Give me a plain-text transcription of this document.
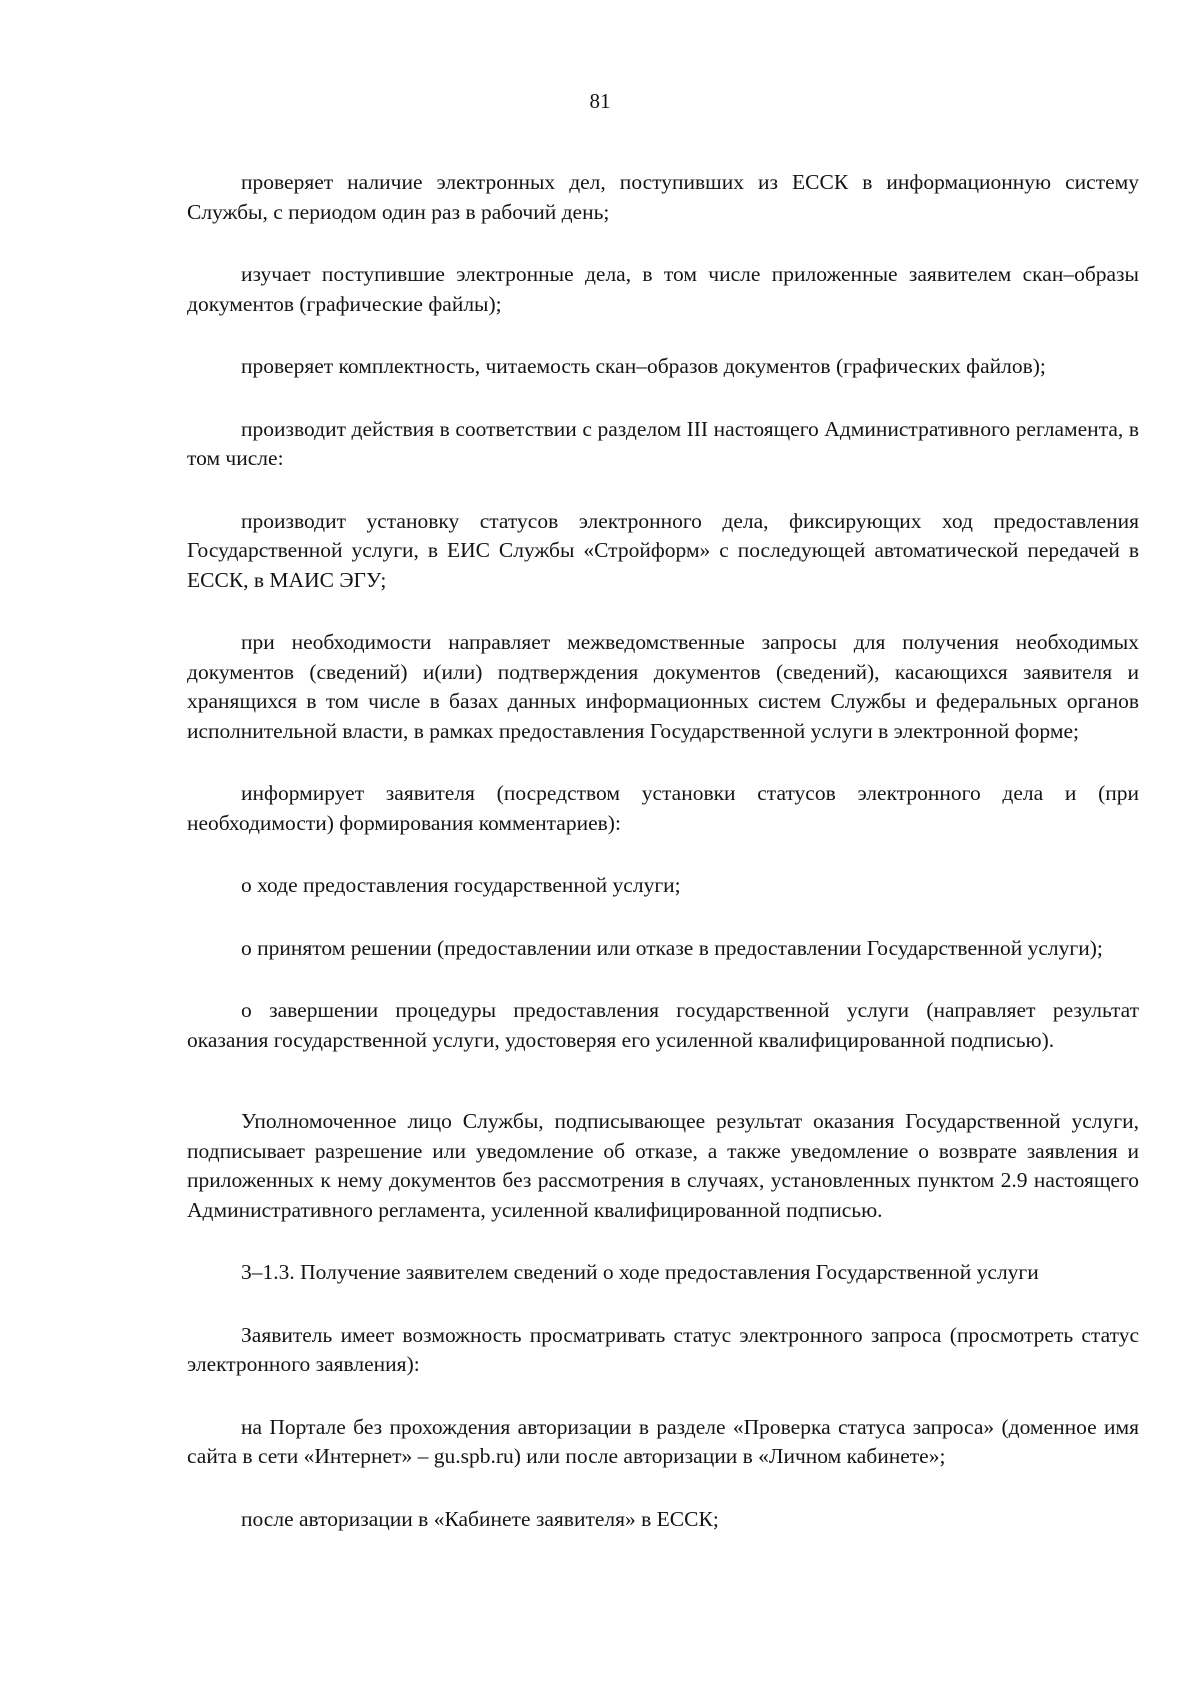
81

проверяет наличие электронных дел, поступивших из ЕССК в информационную систему Службы, с периодом один раз в рабочий день;

изучает поступившие электронные дела, в том числе приложенные заявителем скан–образы документов (графические файлы);

проверяет комплектность, читаемость скан–образов документов (графических файлов);

производит действия в соответствии с разделом III настоящего Административного регламента, в том числе:

производит установку статусов электронного дела, фиксирующих ход предоставления Государственной услуги, в ЕИС Службы «Стройформ» с последующей автоматической передачей в ЕССК, в МАИС ЭГУ;

при необходимости направляет межведомственные запросы для получения необходимых документов (сведений) и(или) подтверждения документов (сведений), касающихся заявителя и хранящихся в том числе в базах данных информационных систем Службы и федеральных органов исполнительной власти, в рамках предоставления Государственной услуги в электронной форме;

информирует заявителя (посредством установки статусов электронного дела и (при необходимости) формирования комментариев):

о ходе предоставления государственной услуги;

о принятом решении (предоставлении или отказе в предоставлении Государственной услуги);

о завершении процедуры предоставления государственной услуги (направляет результат оказания государственной услуги, удостоверяя его усиленной квалифицированной подписью).

Уполномоченное лицо Службы, подписывающее результат оказания Государственной услуги, подписывает разрешение или уведомление об отказе, а также уведомление о возврате заявления и приложенных к нему документов без рассмотрения в случаях, установленных пунктом 2.9 настоящего Административного регламента, усиленной квалифицированной подписью.

3–1.3. Получение заявителем сведений о ходе предоставления Государственной услуги

Заявитель имеет возможность просматривать статус электронного запроса (просмотреть статус электронного заявления):

на Портале без прохождения авторизации в разделе «Проверка статуса запроса» (доменное имя сайта в сети «Интернет» – gu.spb.ru) или после авторизации в «Личном кабинете»;

после авторизации в «Кабинете заявителя» в ЕССК;
